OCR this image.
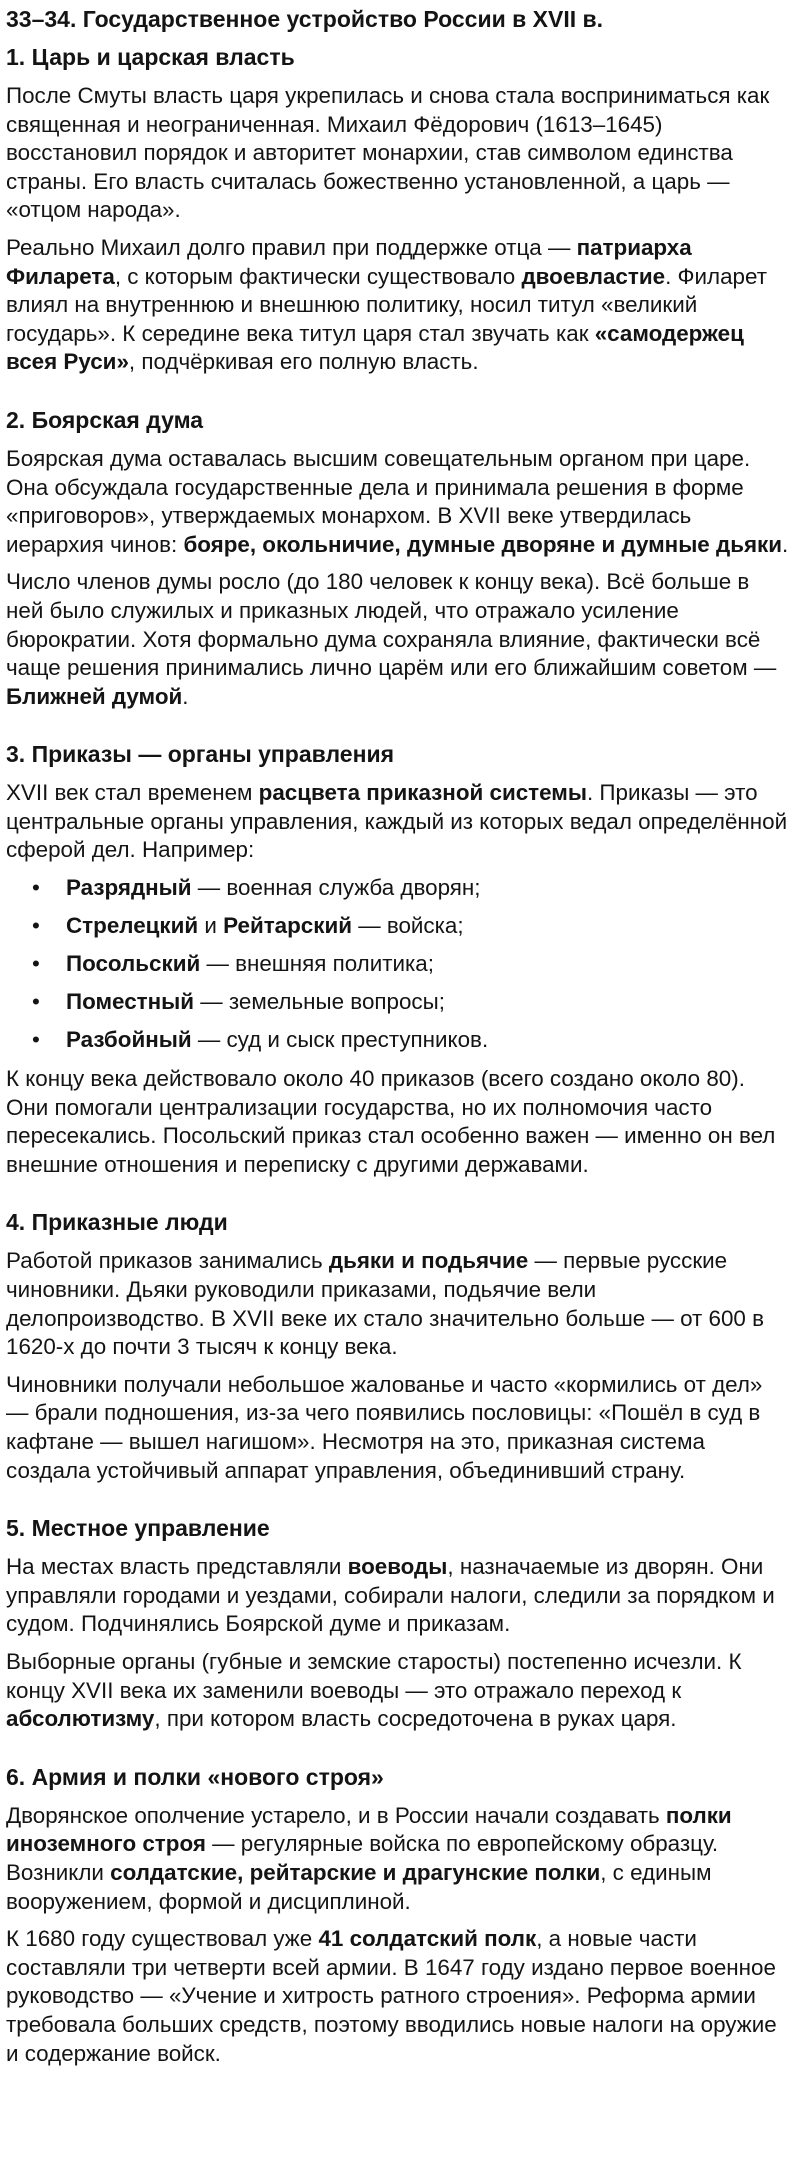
33–34. Государственное устройство России в XVII в.
1. Царь и царская власть
После Смуты власть царя укрепилась и снова стала восприниматься как священная и неограниченная. Михаил Фёдорович (1613–1645) восстановил порядок и авторитет монархии, став символом единства страны. Его власть считалась божественно установленной, а царь — «отцом народа».
Реально Михаил долго правил при поддержке отца — патриарха Филарета, с которым фактически существовало двоевластие. Филарет влиял на внутреннюю и внешнюю политику, носил титул «великий государь». К середине века титул царя стал звучать как «самодержец всея Руси», подчёркивая его полную власть.
2. Боярская дума
Боярская дума оставалась высшим совещательным органом при царе. Она обсуждала государственные дела и принимала решения в форме «приговоров», утверждаемых монархом. В XVII веке утвердилась иерархия чинов: бояре, окольничие, думные дворяне и думные дьяки.
Число членов думы росло (до 180 человек к концу века). Всё больше в ней было служилых и приказных людей, что отражало усиление бюрократии. Хотя формально дума сохраняла влияние, фактически всё чаще решения принимались лично царём или его ближайшим советом — Ближней думой.
3. Приказы — органы управления
XVII век стал временем расцвета приказной системы. Приказы — это центральные органы управления, каждый из которых ведал определённой сферой дел. Например:
• Разрядный — военная служба дворян;
• Стрелецкий и Рейтарский — войска;
• Посольский — внешняя политика;
• Поместный — земельные вопросы;
• Разбойный — суд и сыск преступников.
К концу века действовало около 40 приказов (всего создано около 80). Они помогали централизации государства, но их полномочия часто пересекались. Посольский приказ стал особенно важен — именно он вел внешние отношения и переписку с другими державами.
4. Приказные люди
Работой приказов занимались дьяки и подьячие — первые русские чиновники. Дьяки руководили приказами, подьячие вели делопроизводство. В XVII веке их стало значительно больше — от 600 в 1620-х до почти 3 тысяч к концу века.
Чиновники получали небольшое жалованье и часто «кормились от дел» — брали подношения, из-за чего появились пословицы: «Пошёл в суд в кафтане — вышел нагишом». Несмотря на это, приказная система создала устойчивый аппарат управления, объединивший страну.
5. Местное управление
На местах власть представляли воеводы, назначаемые из дворян. Они управляли городами и уездами, собирали налоги, следили за порядком и судом. Подчинялись Боярской думе и приказам.
Выборные органы (губные и земские старосты) постепенно исчезли. К концу XVII века их заменили воеводы — это отражало переход к абсолютизму, при котором власть сосредоточена в руках царя.
6. Армия и полки «нового строя»
Дворянское ополчение устарело, и в России начали создавать полки иноземного строя — регулярные войска по европейскому образцу. Возникли солдатские, рейтарские и драгунские полки, с единым вооружением, формой и дисциплиной.
К 1680 году существовал уже 41 солдатский полк, а новые части составляли три четверти всей армии. В 1647 году издано первое военное руководство — «Учение и хитрость ратного строения». Реформа армии требовала больших средств, поэтому вводились новые налоги на оружие и содержание войск.
